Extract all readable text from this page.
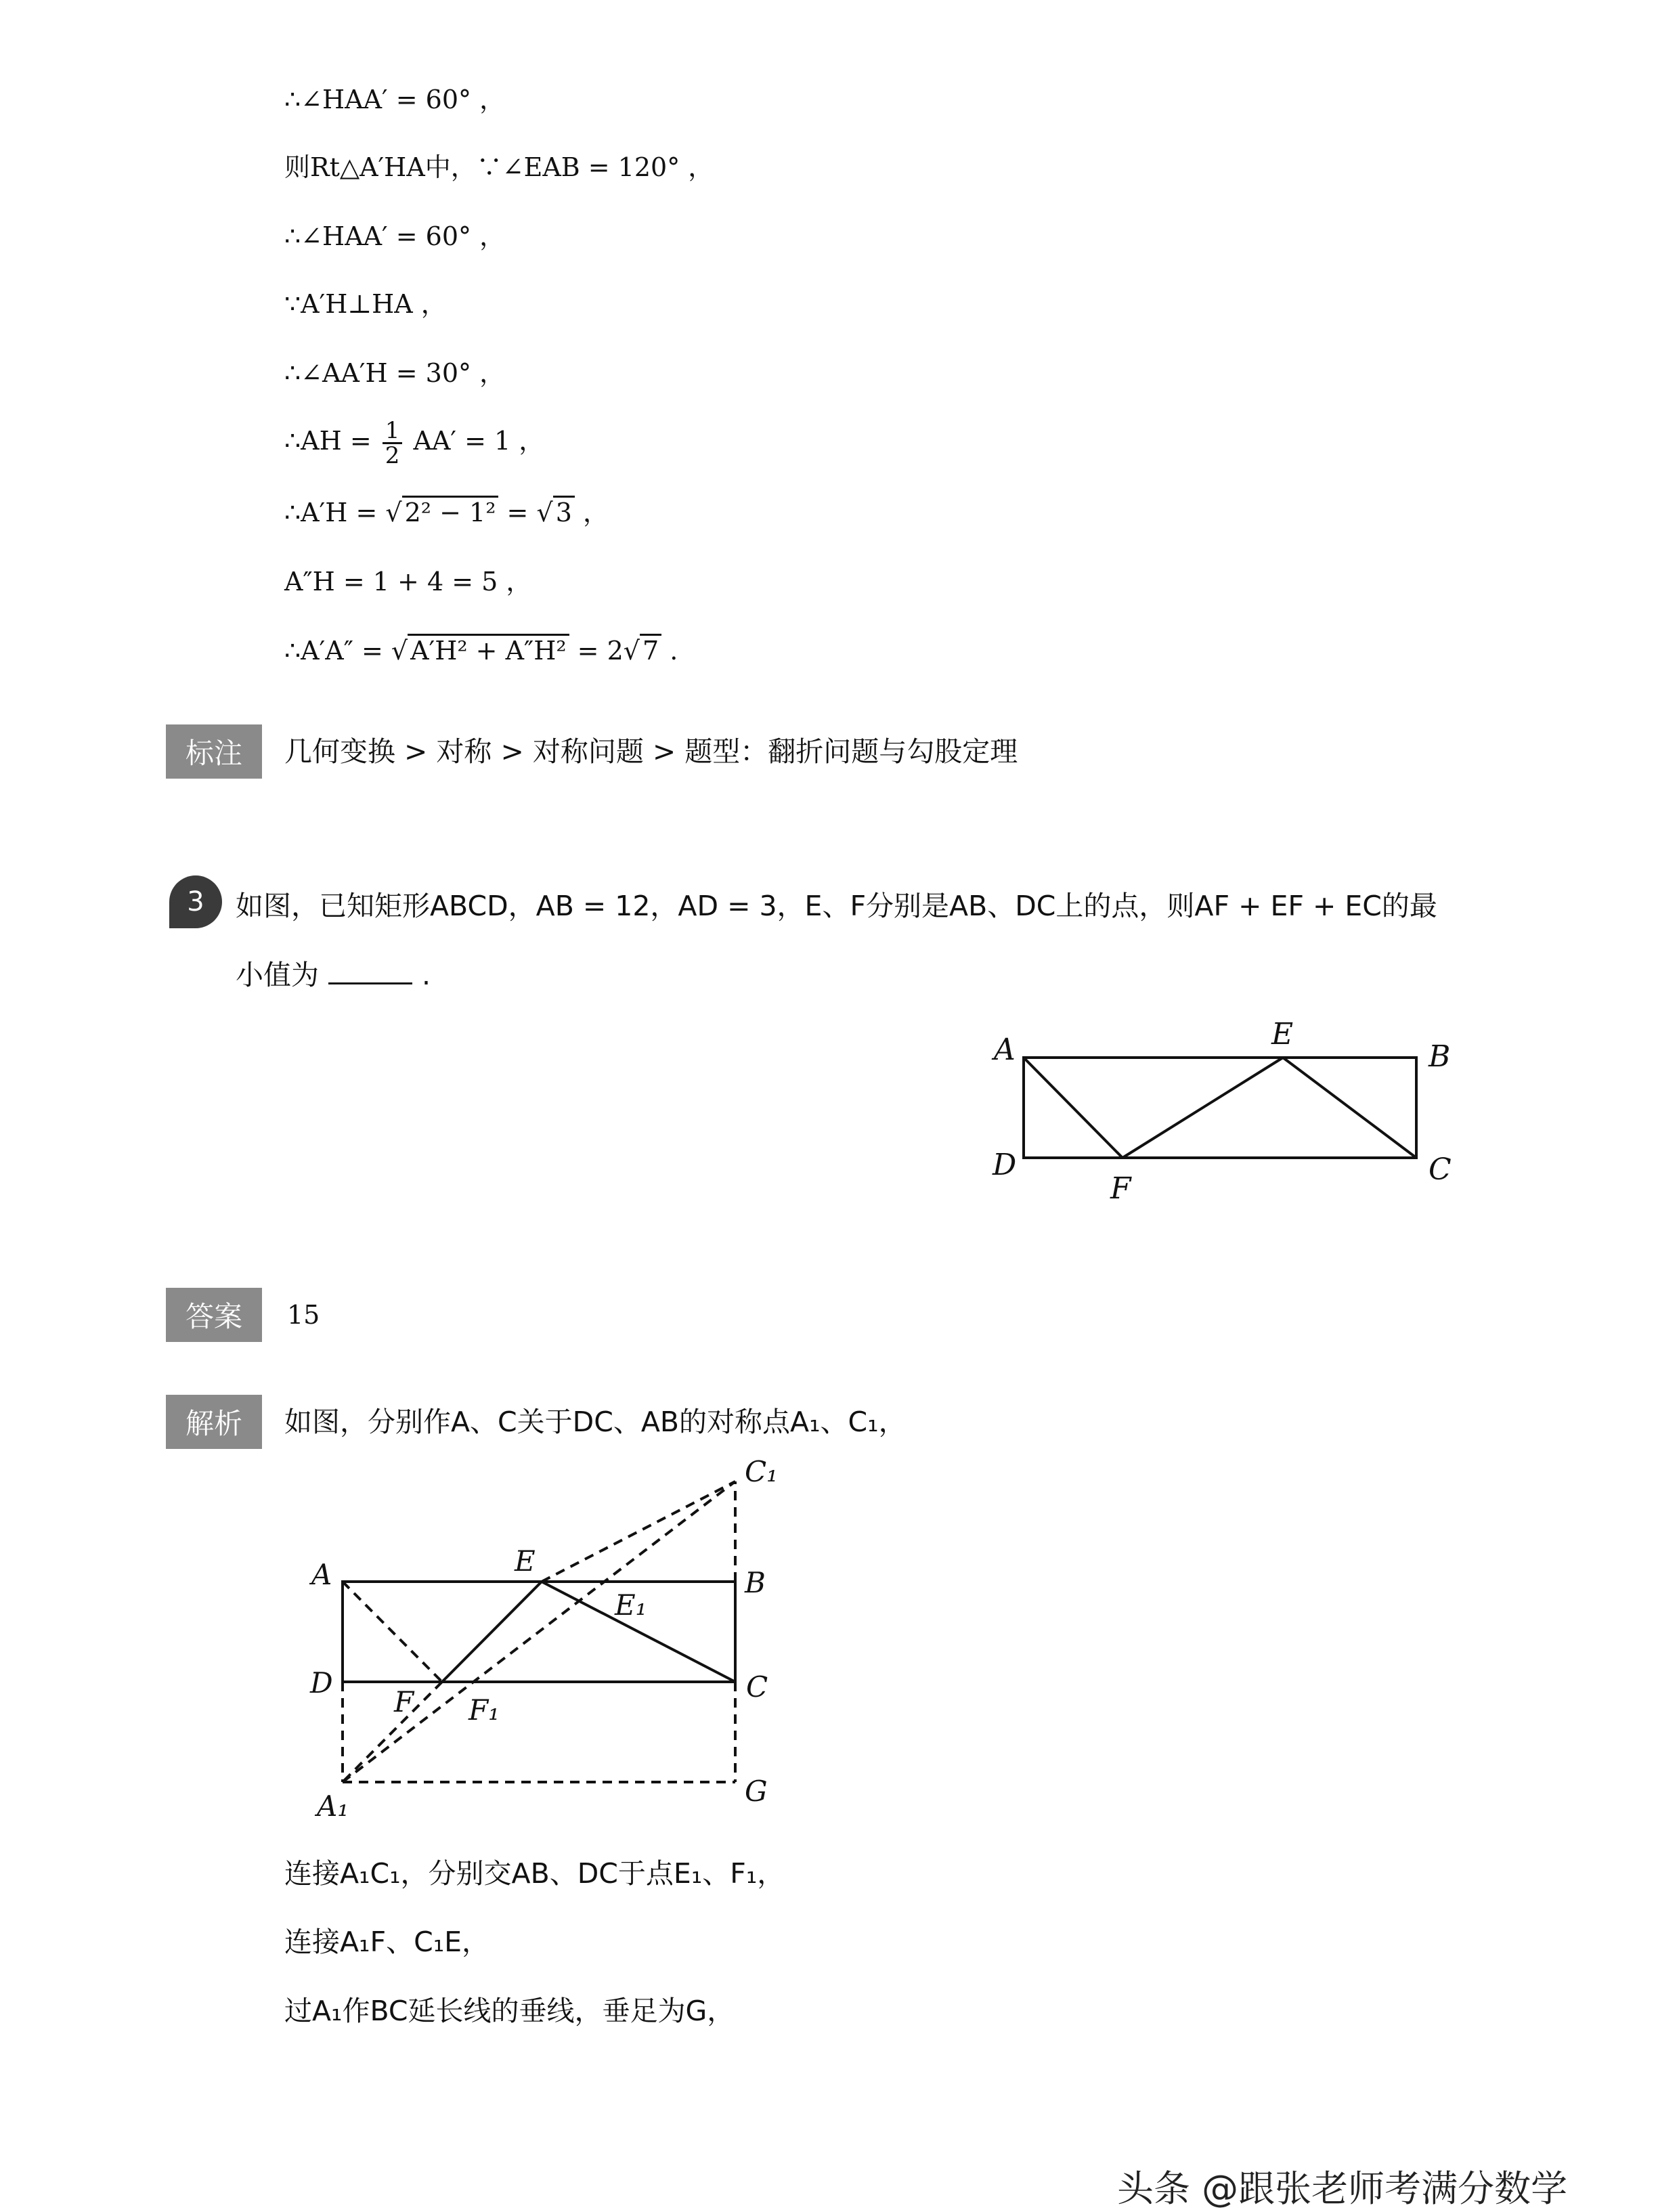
∴∠HAA′ = 60° ，
则Rt△A′HA中，∵∠EAB = 120° ，
∴∠HAA′ = 60° ，
∵A′H⊥HA ，
∴∠AA′H = 30° ，
∴AH = $\frac{1}{2} AA' = 1$ ，
∴A′H = √ 2² − 1² = √ 3 ，
A″H = 1 + 4 = 5 ，
∴A′A″ = √ A′H² + A″H² = 2√ 7 .
标注	几何变换 > 对称 > 对称问题 > 题型：翻折问题与勾股定理
3	如图，已知矩形ABCD，AB = 12，AD = 3，E、F分别是AB、DC上的点，则AF + EF + EC的最
小值为	.
A	B
C
D
E
F
答案	15
解析	如图，分别作A、C关于DC、AB的对称点A₁、C₁，
C₁
A	E
B
E₁
D	C
F F₁
A₁	G
连接A₁C₁，分别交AB、DC于点E₁、F₁，
连接A₁F、C₁E，
过A₁作BC延长线的垂线，垂足为G，
头条 @跟张老师考满分数学
